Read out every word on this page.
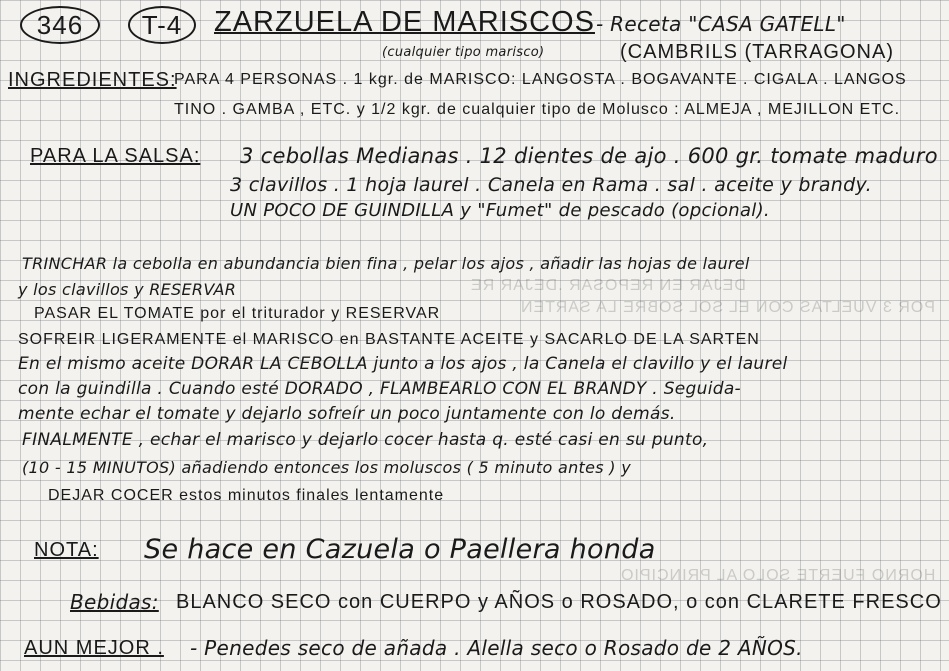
DEJAR EN REPOSAR .DEJAR RE
POR 3 VUELTAS CON EL SOL SOBRE LA SARTEN
HORNO FUERTE SOLO AL PRINCIPIO
346	T-4	ZARZUELA DE MARISCOS - Receta "CASA GATELL"
(cualquier tipo marisco)	(CAMBRILS (TARRAGONA)
INGREDIENTES:
PARA 4 PERSONAS . 1 kgr. de MARISCO: LANGOSTA . BOGAVANTE . CIGALA . LANGOS
TINO . GAMBA , ETC. y 1/2 kgr. de cualquier tipo de Molusco : ALMEJA , MEJILLON ETC.
PARA LA SALSA: 3 cebollas Medianas . 12 dientes de ajo . 600 gr. tomate maduro
3 clavillos . 1 hoja laurel . Canela en Rama . sal . aceite y brandy.
UN POCO DE GUINDILLA y "Fumet" de pescado (opcional).
TRINCHAR la cebolla en abundancia bien fina , pelar los ajos , añadir las hojas de laurel
y los clavillos y RESERVAR
PASAR EL TOMATE por el triturador y RESERVAR
SOFREIR LIGERAMENTE el MARISCO en BASTANTE ACEITE y SACARLO DE LA SARTEN
En el mismo aceite DORAR LA CEBOLLA junto a los ajos , la Canela el clavillo y el laurel
con la guindilla . Cuando esté DORADO , FLAMBEARLO CON EL BRANDY . Seguida-
mente echar el tomate y dejarlo sofreír un poco juntamente con lo demás.
FINALMENTE , echar el marisco y dejarlo cocer hasta q. esté casi en su punto,
(10 - 15 MINUTOS) añadiendo entonces los moluscos ( 5 minuto antes ) y
DEJAR COCER estos minutos finales lentamente
NOTA: Se hace en Cazuela o Paellera honda
Bebidas: BLANCO SECO con CUERPO y AÑOS o ROSADO, o con CLARETE FRESCO
AUN MEJOR . - Penedes seco de añada . Alella seco o Rosado de 2 AÑOS.
